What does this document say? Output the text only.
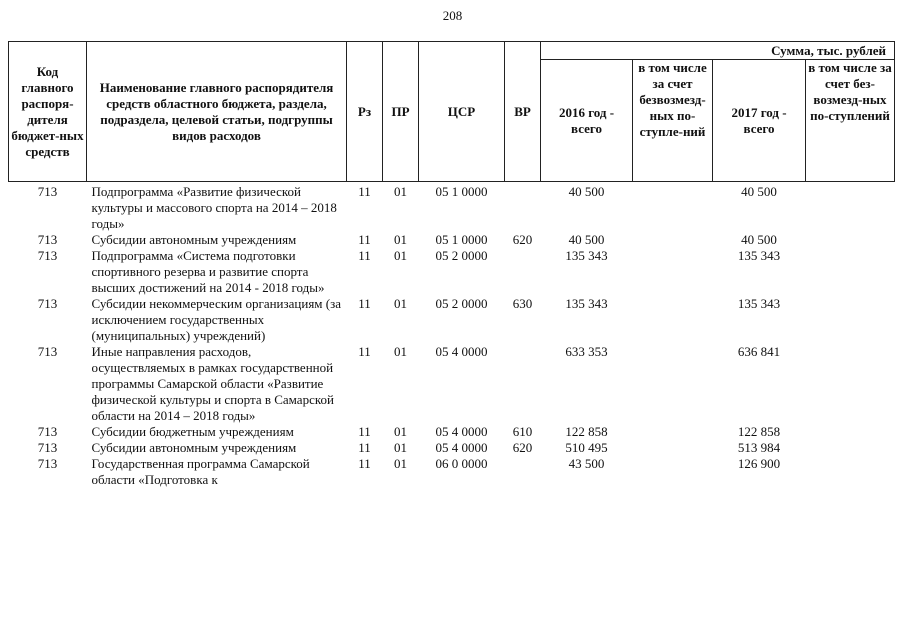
208
Код главного распоря-дителя бюджет-ных средств	Наименование главного распорядителя средств областного бюджета, раздела, подраздела, целевой статьи, подгруппы видов расходов	Рз	ПР	ЦСР	ВР	Сумма, тыс. рублей			
						2016 год - всего	в том числе за счет безвозмезд-ных по-ступле-ний	2017 год - всего	в том числе за счет без-возмезд-ных по-ступлений
713	Подпрограмма «Развитие физической культуры и массового спорта на 2014 – 2018 годы»	11	01	05 1 0000		40 500		40 500	
713	Субсидии автономным учреждениям	11	01	05 1 0000	620	40 500		40 500	
713	Подпрограмма «Система подготовки спортивного резерва и развитие спорта высших достижений на 2014 - 2018 годы»	11	01	05 2 0000		135 343		135 343	
713	Субсидии некоммерческим организациям (за исключением государственных (муниципальных) учреждений)	11	01	05 2 0000	630	135 343		135 343	
713	Иные направления расходов, осуществляемых в рамках государственной программы Самарской области «Развитие физической культуры и спорта в Самарской области на 2014 – 2018 годы»	11	01	05 4 0000		633 353		636 841	
713	Субсидии бюджетным учреждениям	11	01	05 4 0000	610	122 858		122 858	
713	Субсидии автономным учреждениям	11	01	05 4 0000	620	510 495		513 984	
713	Государственная программа Самарской области «Подготовка к	11	01	06 0 0000		43 500		126 900	
